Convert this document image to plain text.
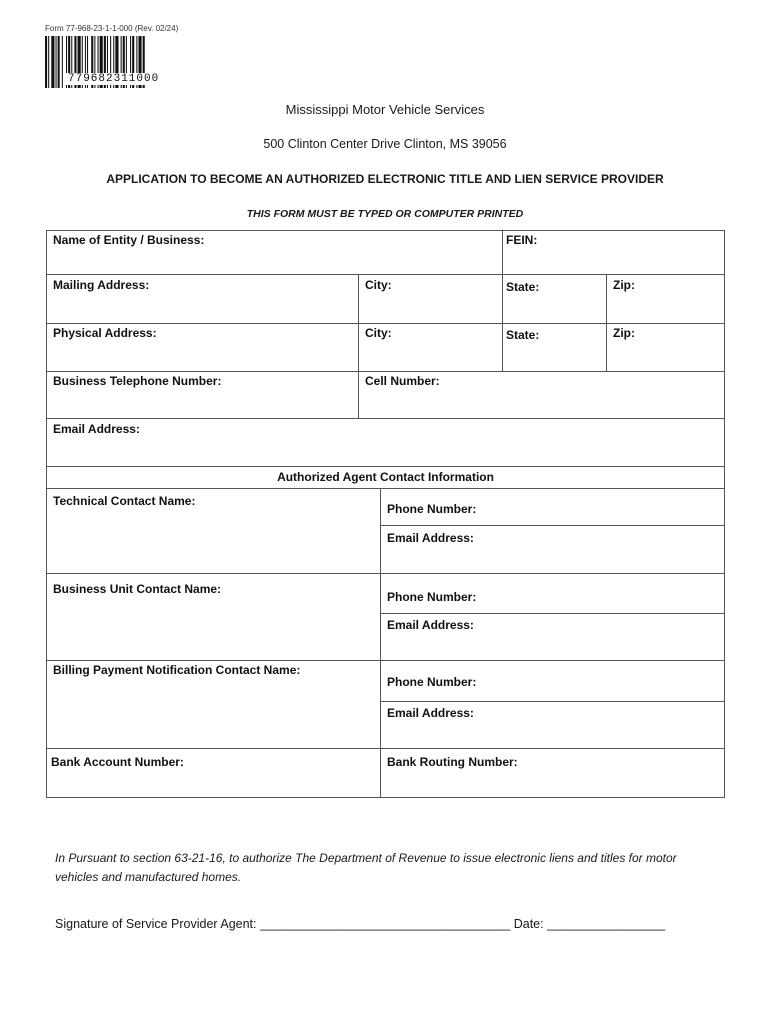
Form 77-968-23-1-1-000 (Rev. 02/24)
779682311000
Mississippi Motor Vehicle Services
500 Clinton Center Drive Clinton, MS 39056
APPLICATION TO BECOME AN AUTHORIZED ELECTRONIC TITLE AND LIEN SERVICE PROVIDER
THIS FORM MUST BE TYPED OR COMPUTER PRINTED
Name of Entity / Business:	FEIN:
Mailing Address:	City:	State:	Zip:
Physical Address:	City:	State:	Zip:
Business Telephone Number:	Cell Number:
Email Address:
Authorized Agent Contact Information
Technical Contact Name:
Phone Number:
Email Address:
Business Unit Contact Name:
Phone Number:
Email Address:
Billing Payment Notification Contact Name:
Phone Number:
Email Address:
Bank Account Number:	Bank Routing Number:
In Pursuant to section 63-21-16, to authorize The Department of Revenue to issue electronic liens and titles for motor vehicles and manufactured homes.
Signature of Service Provider Agent: ____________________________________ Date: _________________
